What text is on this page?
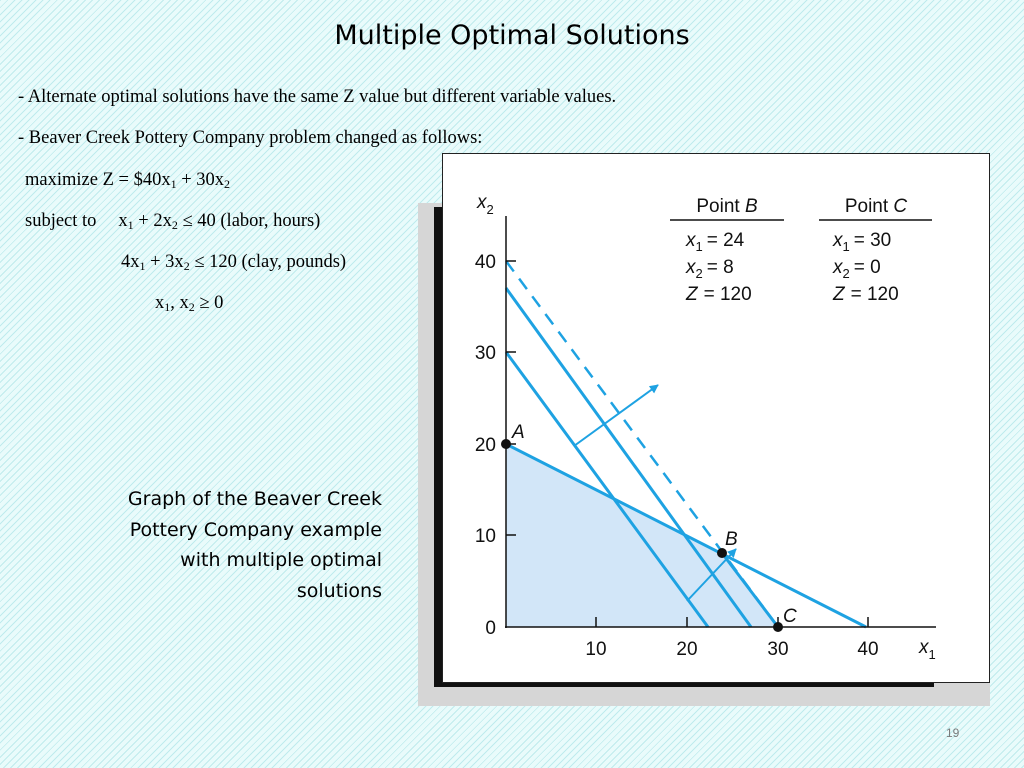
Multiple Optimal Solutions
- Alternate optimal solutions have the same Z value but different variable values.
- Beaver Creek Pottery Company problem changed as follows:
maximize $Z = \$40x_1 + 30x_2$
subject to $x_1 + 2x_2 \le 40$ (labor, hours)
$4x_1 + 3x_2 \le 120$ (clay, pounds)
$x_1$, $x_2 \ge 0$
Graph of the Beaver Creek Pottery Company example with multiple optimal solutions
0
10
20
30
40
10	20	30	40
$x_2$
$x_1$
A
B
C
Point B
$x_1 = 24$
$x_2 = 8$
Z = 120
Point C
$x_1 = 30$
$x_2 = 0$
Z = 120
19
